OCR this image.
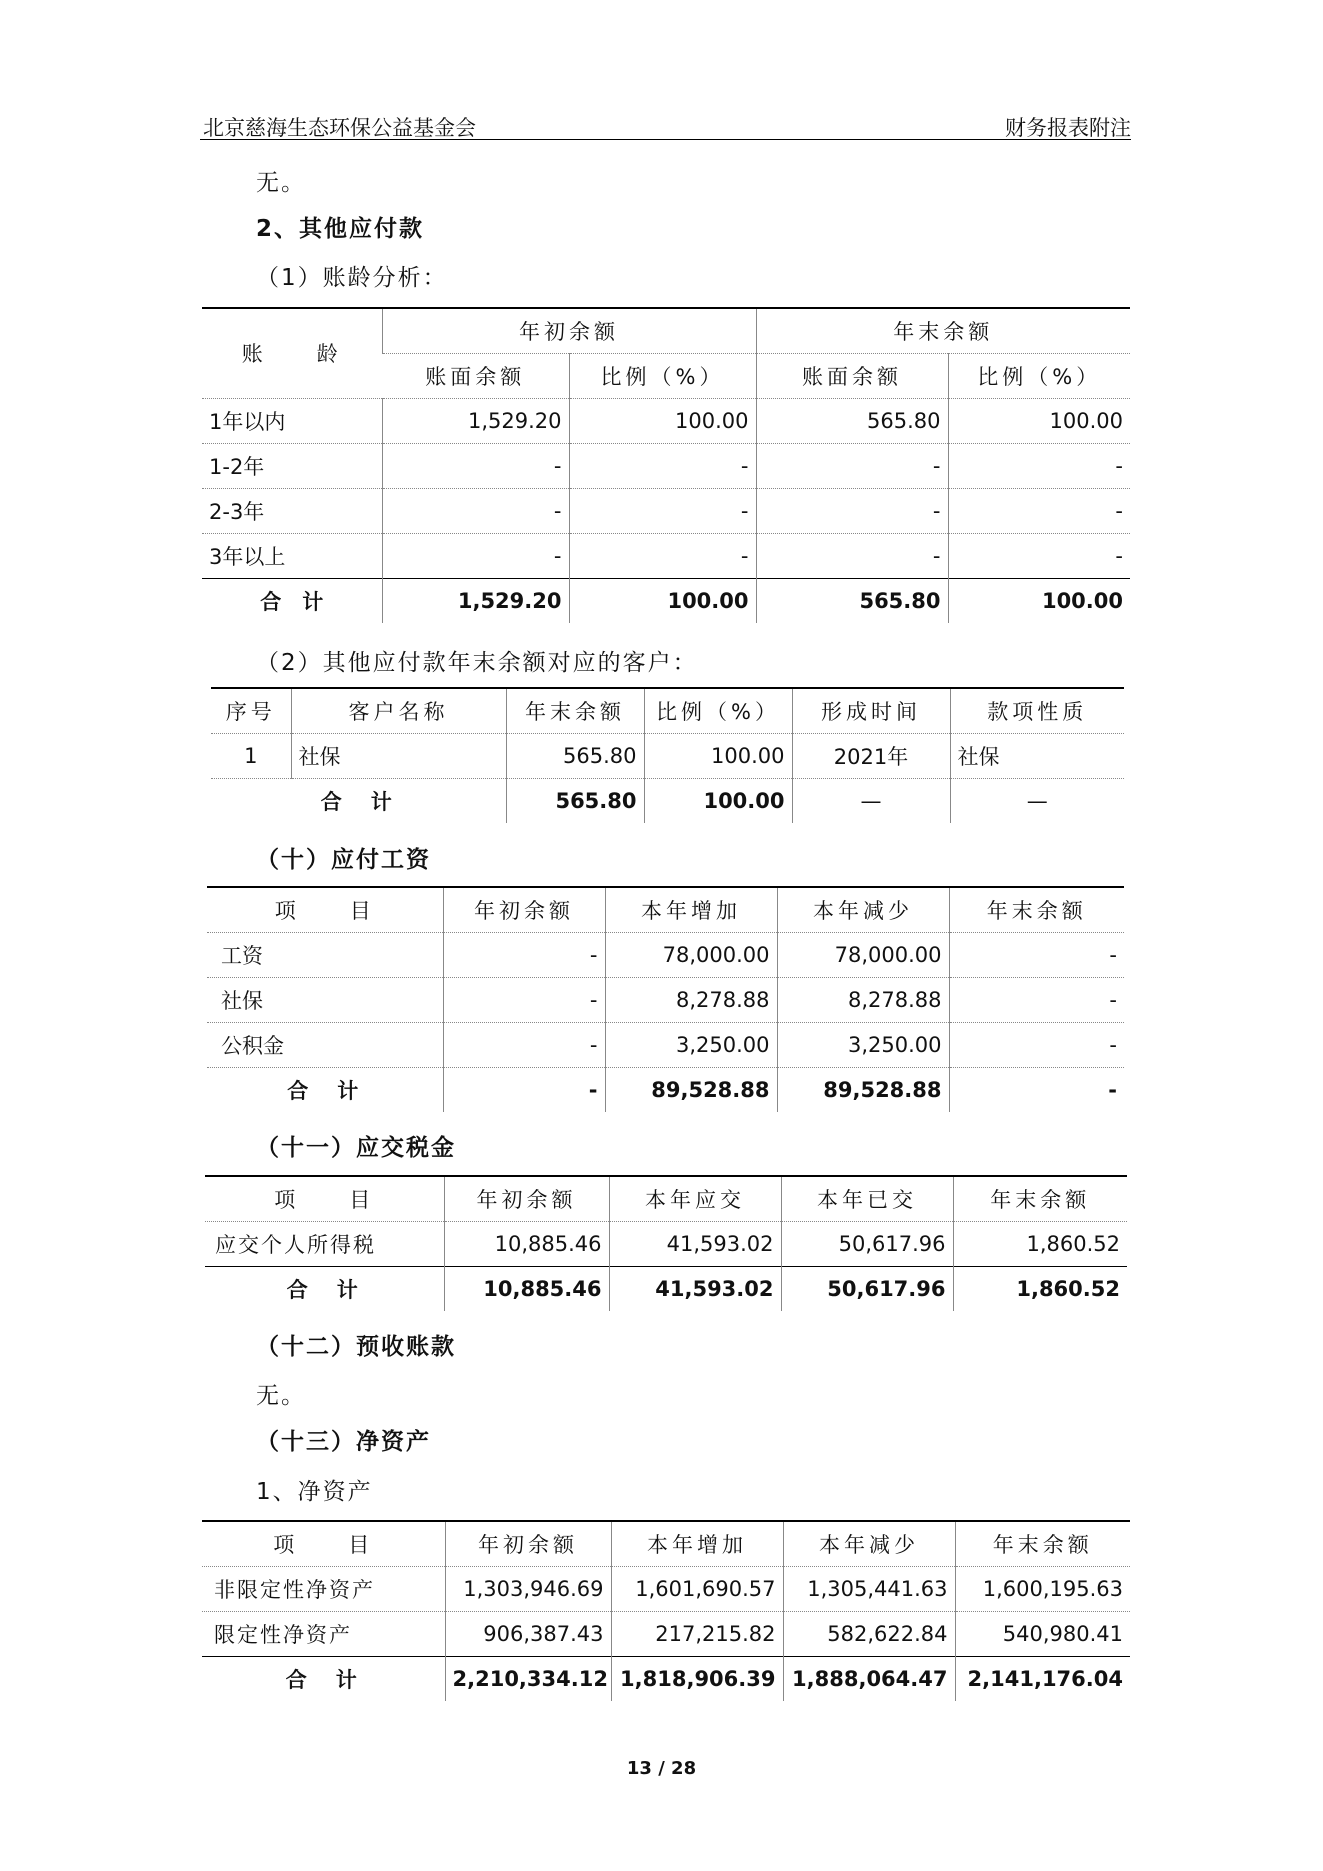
北京慈海生态环保公益基金会	财务报表附注
无。
2、其他应付款
（1）账龄分析：
账　　龄	年初余额		年末余额	
	账面余额	比例（%）	账面余额	比例（%）
1年以内	1,529.20	100.00	565.80	100.00
1-2年	-	-	-	-
2-3年	-	-	-	-
3年以上	-	-	-	-
合　计	1,529.20	100.00	565.80	100.00
（2）其他应付款年末余额对应的客户：
序号	客户名称	年末余额	比例（%）	形成时间	款项性质
1	社保	565.80	100.00	2021年	社保
合　计		565.80	100.00	—	—
（十）应付工资
项　　目	年初余额	本年增加	本年减少	年末余额
工资	-	78,000.00	78,000.00	-
社保	-	8,278.88	8,278.88	-
公积金	-	3,250.00	3,250.00	-
合　计	-	89,528.88	89,528.88	-
（十一）应交税金
项　　目	年初余额	本年应交	本年已交	年末余额
应交个人所得税	10,885.46	41,593.02	50,617.96	1,860.52
合　计	10,885.46	41,593.02	50,617.96	1,860.52
（十二）预收账款
无。
（十三）净资产
1、净资产
项　　目	年初余额	本年增加	本年减少	年末余额
非限定性净资产	1,303,946.69	1,601,690.57	1,305,441.63	1,600,195.63
限定性净资产	906,387.43	217,215.82	582,622.84	540,980.41
合　计	2,210,334.12	1,818,906.39	1,888,064.47	2,141,176.04
13 / 28
